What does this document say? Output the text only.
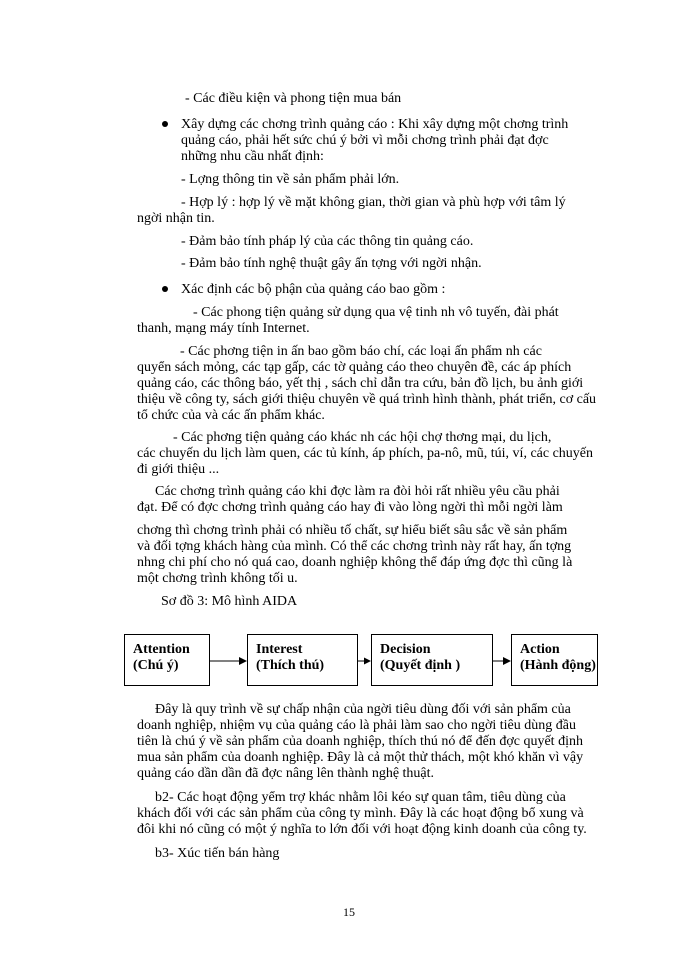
- Các điều kiện và phong tiện mua bán
Xây dựng các chơng trình quảng cáo : Khi xây dựng một chơng trình
quảng cáo, phải hết sức chú ý bởi vì mỗi chơng trình phải đạt đợc
những nhu cầu nhất định:
- Lợng thông tin về sản phẩm phải lớn.
- Hợp lý : hợp lý về mặt không gian, thời gian và phù hợp với tâm lý
ngời nhận tin.
- Đảm bảo tính pháp lý của các thông tin quảng cáo.
- Đảm bảo tính nghệ thuật gây ấn tợng với ngời nhận.
Xác định các bộ phận của quảng cáo bao gồm :
- Các phong tiện quảng sử dụng qua vệ tinh nh vô tuyến, đài phát
thanh, mạng máy tính Internet.
- Các phơng tiện in ấn bao gồm báo chí, các loại ấn phẩm nh các
quyển sách mỏng, các tạp gấp, các tờ quảng cáo theo chuyên đề, các áp phích
quảng cáo, các thông báo, yết thị , sách chỉ dẫn tra cứu, bản đồ lịch, bu ảnh giới
thiệu về công ty, sách giới thiệu chuyên về quá trình hình thành, phát triển, cơ cấu
tổ chức của và các ấn phẩm khác.
- Các phơng tiện quảng cáo khác nh các hội chợ thơng mại, du lịch,
các chuyến du lịch làm quen, các tủ kính, áp phích, pa-nô, mũ, túi, ví, các chuyến
đi giới thiệu ...
Các chơng trình quảng cáo khi đợc làm ra đòi hỏi rất nhiều yêu cầu phải
đạt. Để có đợc chơng trình quảng cáo hay đi vào lòng ngời thì mỗi ngời làm
chơng thì chơng trình phải có nhiều tố chất, sự hiểu biết sâu sắc về sản phẩm
và đối tợng khách hàng của mình. Có thể các chơng trình này rất hay, ấn tợng
nhng chi phí cho nó quá cao, doanh nghiệp không thể đáp ứng đợc thì cũng là
một chơng trình không tối u.
Sơ đồ 3: Mô hình AIDA
Attention
(Chú ý)
Interest
(Thích thú)
Decision
(Quyết định )
Action
(Hành động)
Đây là quy trình về sự chấp nhận của ngời tiêu dùng đối với sản phẩm của
doanh nghiệp, nhiệm vụ của quảng cáo là phải làm sao cho ngời tiêu dùng đầu
tiên là chú ý về sản phẩm của doanh nghiệp, thích thú nó để đến đợc quyết định
mua sản phẩm của doanh nghiệp. Đây là cả một thử thách, một khó khăn vì vậy
quảng cáo dần dần đã đợc nâng lên thành nghệ thuật.
b2- Các hoạt động yểm trợ khác nhằm lôi kéo sự quan tâm, tiêu dùng của
khách đối với các sản phẩm của công ty mình. Đây là các hoạt động bổ xung và
đôi khi nó cũng có một ý nghĩa to lớn đối với hoạt động kinh doanh của công ty.
b3- Xúc tiến bán hàng
15
